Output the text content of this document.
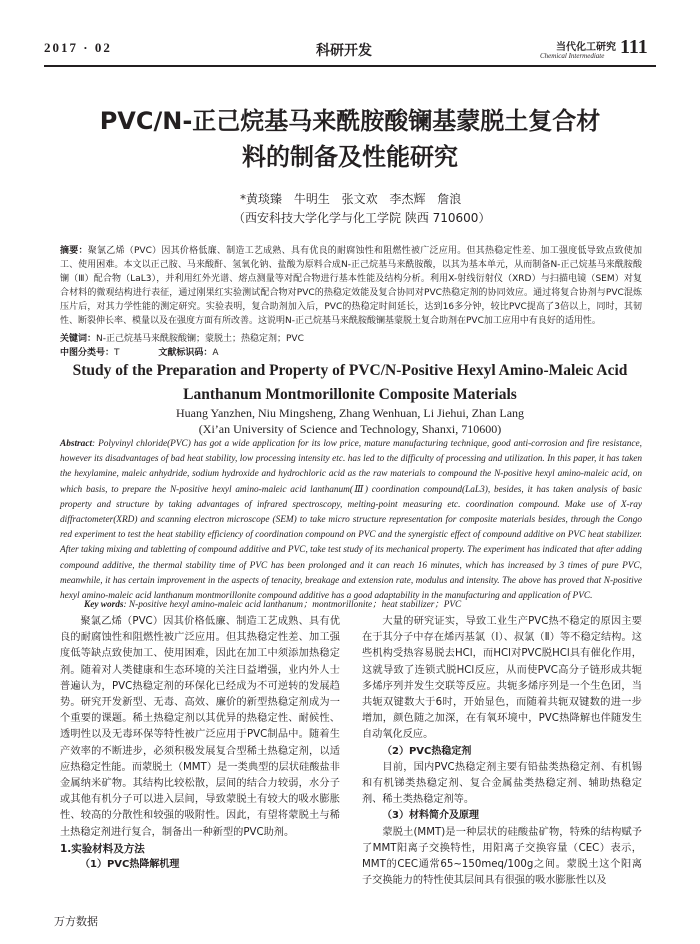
2017 · 02	科研开发	当代化工研究
Chemical Intermediate 111
PVC/N-正己烷基马来酰胺酸镧基蒙脱土复合材
料的制备及性能研究
*黄琰臻 牛明生 张文欢 李杰辉 詹浪
（西安科技大学化学与化工学院 陕西 710600）
摘要：聚氯乙烯（PVC）因其价格低廉、制造工艺成熟、具有优良的耐腐蚀性和阻燃性被广泛应用。但其热稳定性差、加工强度低导致点致使加工、使用困难。本文以正己胺、马来酸酐、氢氧化钠、盐酸为原料合成N-正己烷基马来酰胺酸，以其为基本单元，从而制备N-正己烷基马来酰胺酸镧（Ⅲ）配合物（LaL3），并利用红外光谱、熔点测量等对配合物进行基本性能及结构分析。利用X-射线衍射仪（XRD）与扫描电镜（SEM）对复合材料的微观结构进行表征，通过刚果红实验测试配合物对PVC的热稳定效能及复合协同对PVC热稳定剂的协同效应。通过将复合协剂与PVC混炼压片后，对其力学性能的测定研究。实验表明，复合助剂加入后，PVC的热稳定时间延长，达到16多分钟，较比PVC提高了3倍以上，同时，其韧性、断裂伸长率、模量以及在强度方面有所改善。这说明N-正己烷基马来酰胺酸镧基蒙脱土复合助剂在PVC加工应用中有良好的适用性。
关键词：N-正己烷基马来酰胺酸镧；蒙脱土；热稳定剂；PVC
中图分类号：T	文献标识码：A
Study of the Preparation and Property of PVC/N-Positive Hexyl Amino-Maleic Acid
Lanthanum Montmorillonite Composite Materials
Huang Yanzhen, Niu Mingsheng, Zhang Wenhuan, Li Jiehui, Zhan Lang
(Xi’an University of Science and Technology, Shanxi, 710600)
Abstract: Polyvinyl chloride(PVC) has got a wide application for its low price, mature manufacturing technique, good anti-corrosion and fire resistance, however its disadvantages of bad heat stability, low processing intensity etc. has led to the difficulty of processing and utilization. In this paper, it has taken the hexylamine, maleic anhydride, sodium hydroxide and hydrochloric acid as the raw materials to compound the N-positive hexyl amino-maleic acid, on which basis, to prepare the N-positive hexyl amino-maleic acid lanthanum(Ⅲ) coordination compound(LaL3), besides, it has taken analysis of basic property and structure by taking advantages of infrared spectroscopy, melting-point measuring etc. coordination compound. Make use of X-ray diffractometer(XRD) and scanning electron microscope (SEM) to take micro structure representation for composite materials besides, through the Congo red experiment to test the heat stability efficiency of coordination compound on PVC and the synergistic effect of compound additive on PVC heat stabilizer. After taking mixing and tabletting of compound additive and PVC, take test study of its mechanical property. The experiment has indicated that after adding compound additive, the thermal stability time of PVC has been prolonged and it can reach 16 minutes, which has increased by 3 times of pure PVC, meanwhile, it has certain improvement in the aspects of tenacity, breakage and extension rate, modulus and intensity. The above has proved that N-positive hexyl amino-maleic acid lanthanum montmorillonite compound additive has a good adaptability in the manufacturing and application of PVC.
Key words: N-positive hexyl amino-maleic acid lanthanum；montmorillonite；heat stabilizer；PVC

聚氯乙烯（PVC）因其价格低廉、制造工艺成熟、具有优良的耐腐蚀性和阻燃性被广泛应用。但其热稳定性差、加工强度低等缺点致使加工、使用困难，因此在加工中须添加热稳定剂。随着对人类健康和生态环境的关注日益增强，业内外人士普遍认为，PVC热稳定剂的环保化已经成为不可逆转的发展趋势。研究开发新型、无毒、高效、廉价的新型热稳定剂成为一个重要的课题。稀土热稳定剂以其优异的热稳定性、耐候性、透明性以及无毒环保等特性被广泛应用于PVC制品中。随着生产效率的不断进步，必须积极发展复合型稀土热稳定剂，以适应热稳定性能。而蒙脱土（MMT）是一类典型的层状硅酸盐非金属纳米矿物。其结构比较松散，层间的结合力较弱，水分子或其他有机分子可以进入层间，导致蒙脱土有较大的吸水膨胀性、较高的分散性和较强的吸附性。因此，有望将蒙脱土与稀土热稳定剂进行复合，制备出一种新型的PVC助剂。

1.实验材料及方法
（1）PVC热降解机理

大量的研究证实，导致工业生产PVC热不稳定的原因主要在于其分子中存在烯丙基氯（Ⅰ）、叔氯（Ⅱ）等不稳定结构。这些机构受热容易脱去HCl，而HCl对PVC脱HCl具有催化作用，这就导致了连锁式脱HCl反应，从而使PVC高分子链形成共轭多烯序列并发生交联等反应。共轭多烯序列是一个生色团，当共轭双键数大于6时，开始显色，而随着共轭双键数的进一步增加，颜色随之加深，在有氧环境中，PVC热降解也伴随发生自动氧化反应。

（2）PVC热稳定剂

目前，国内PVC热稳定剂主要有铅盐类热稳定剂、有机锡和有机锑类热稳定剂、复合金属盐类热稳定剂、辅助热稳定剂、稀土类热稳定剂等。

（3）材料简介及原理

蒙脱土(MMT)是一种层状的硅酸盐矿物，特殊的结构赋予了MMT阳离子交换特性，用阳离子交换容量（CEC）表示，MMT的CEC通常65~150meq/100g之间。蒙脱土这个阳离子交换能力的特性使其层间具有很强的吸水膨胀性以及

万方数据
